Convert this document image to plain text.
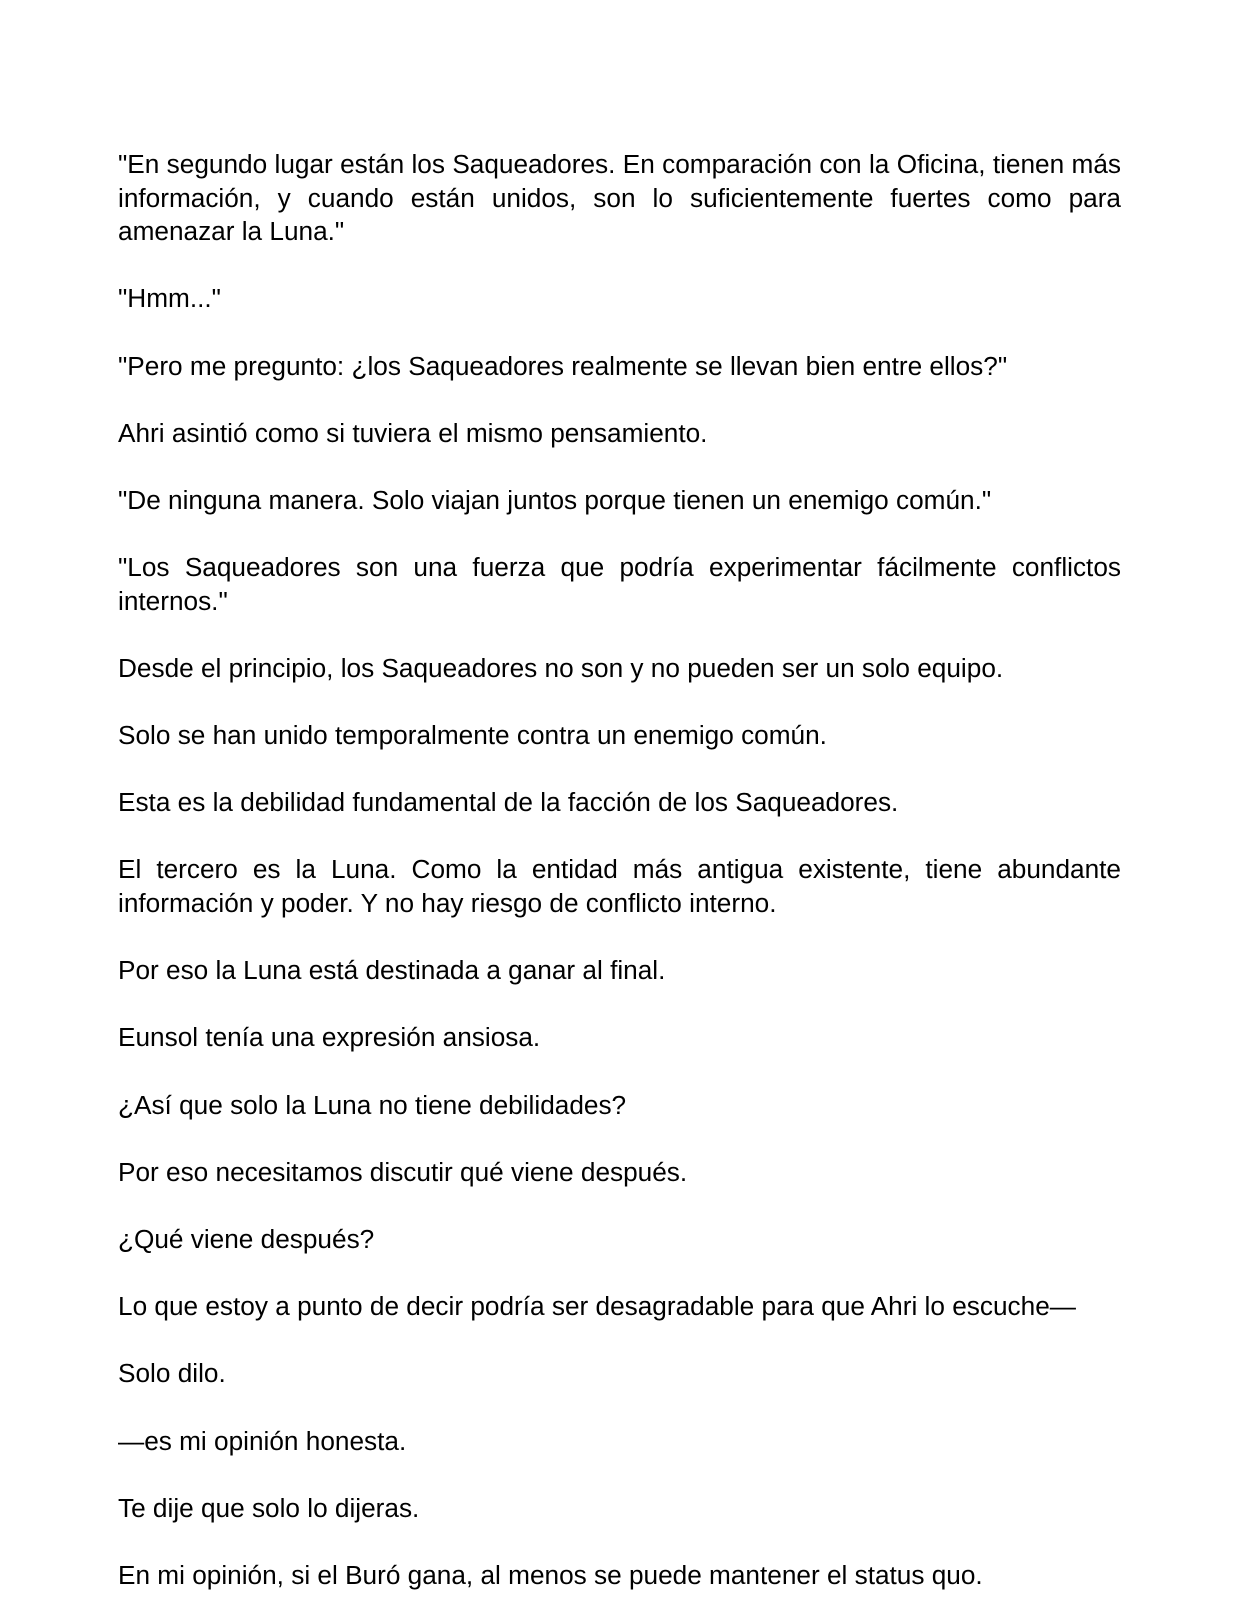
"En segundo lugar están los Saqueadores. En comparación con la Oficina, tienen más información, y cuando están unidos, son lo suficientemente fuertes como para amenazar la Luna."

"Hmm..."

"Pero me pregunto: ¿los Saqueadores realmente se llevan bien entre ellos?"

Ahri asintió como si tuviera el mismo pensamiento.

"De ninguna manera. Solo viajan juntos porque tienen un enemigo común."

"Los Saqueadores son una fuerza que podría experimentar fácilmente conflictos internos."

Desde el principio, los Saqueadores no son y no pueden ser un solo equipo.

Solo se han unido temporalmente contra un enemigo común.

Esta es la debilidad fundamental de la facción de los Saqueadores.

El tercero es la Luna. Como la entidad más antigua existente, tiene abundante información y poder. Y no hay riesgo de conflicto interno.

Por eso la Luna está destinada a ganar al final.

Eunsol tenía una expresión ansiosa.

¿Así que solo la Luna no tiene debilidades?

Por eso necesitamos discutir qué viene después.

¿Qué viene después?

Lo que estoy a punto de decir podría ser desagradable para que Ahri lo escuche—

Solo dilo.

—es mi opinión honesta.

Te dije que solo lo dijeras.

En mi opinión, si el Buró gana, al menos se puede mantener el status quo.
